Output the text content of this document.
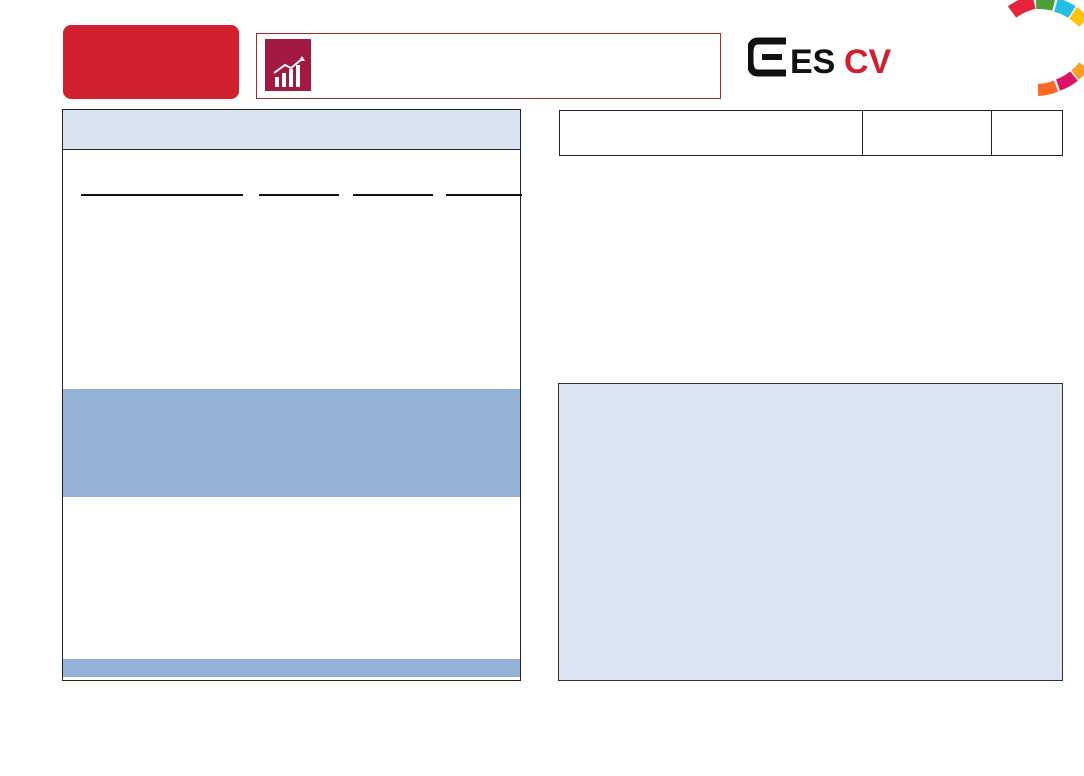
ES CV
